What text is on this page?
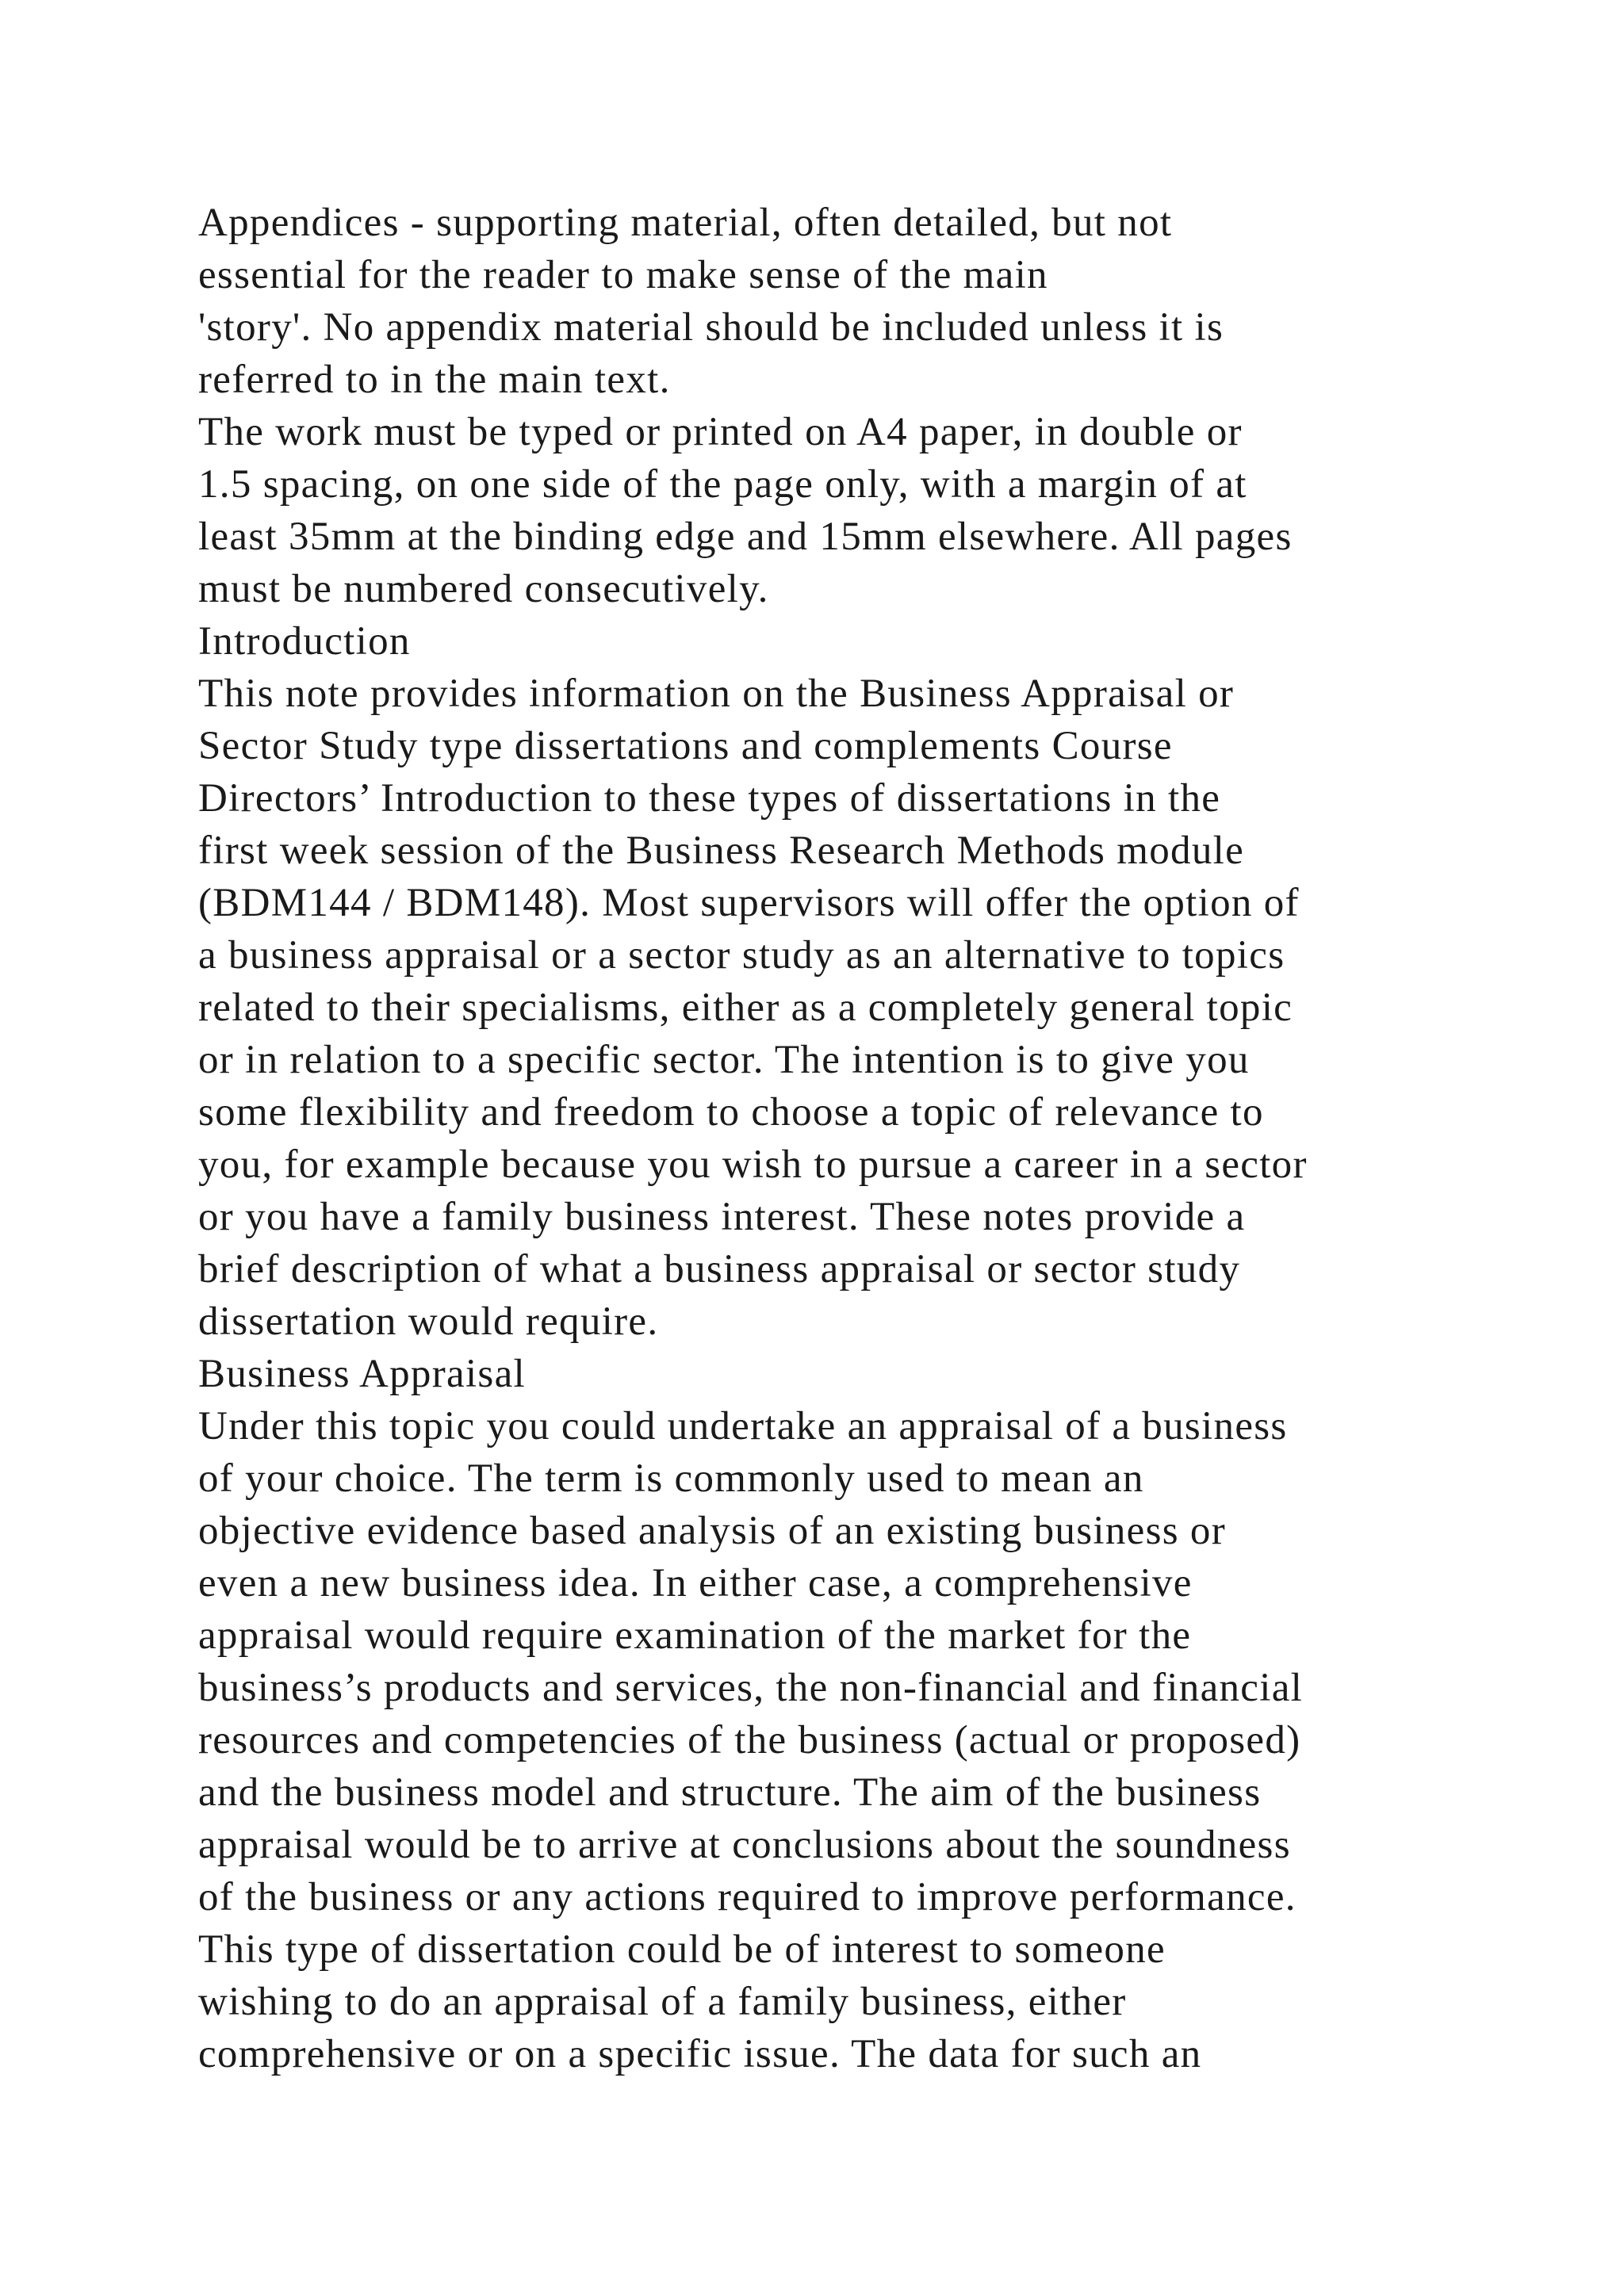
Appendices - supporting material, often detailed, but not
essential for the reader to make sense of the main
'story'. No appendix material should be included unless it is
referred to in the main text.
The work must be typed or printed on A4 paper, in double or
1.5 spacing, on one side of the page only, with a margin of at
least 35mm at the binding edge and 15mm elsewhere. All pages
must be numbered consecutively.
Introduction
This note provides information on the Business Appraisal or
Sector Study type dissertations and complements Course
Directors’ Introduction to these types of dissertations in the
first week session of the Business Research Methods module
(BDM144 / BDM148). Most supervisors will offer the option of
a business appraisal or a sector study as an alternative to topics
related to their specialisms, either as a completely general topic
or in relation to a specific sector. The intention is to give you
some flexibility and freedom to choose a topic of relevance to
you, for example because you wish to pursue a career in a sector
or you have a family business interest. These notes provide a
brief description of what a business appraisal or sector study
dissertation would require.
Business Appraisal
Under this topic you could undertake an appraisal of a business
of your choice. The term is commonly used to mean an
objective evidence based analysis of an existing business or
even a new business idea. In either case, a comprehensive
appraisal would require examination of the market for the
business’s products and services, the non-financial and financial
resources and competencies of the business (actual or proposed)
and the business model and structure. The aim of the business
appraisal would be to arrive at conclusions about the soundness
of the business or any actions required to improve performance.
This type of dissertation could be of interest to someone
wishing to do an appraisal of a family business, either
comprehensive or on a specific issue. The data for such an
